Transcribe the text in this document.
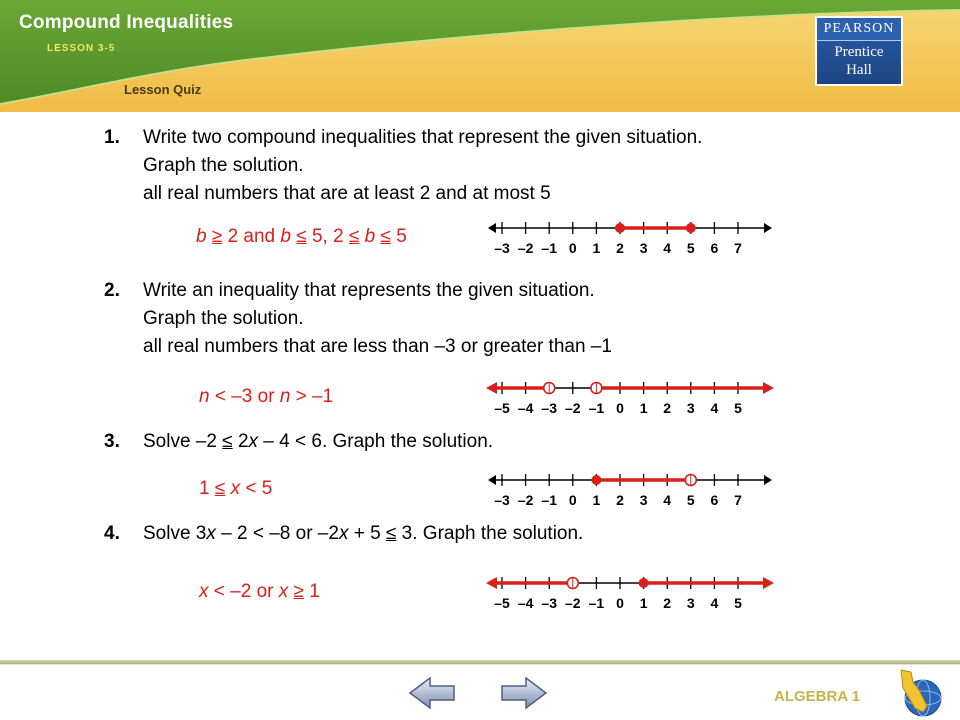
Compound Inequalities
LESSON 3-5
Lesson Quiz
PEARSON
Prentice
Hall
1. Write two compound inequalities that represent the given situation.
Graph the solution.
all real numbers that are at least 2 and at most 5
b ≥ 2 and b ≤ 5, 2 ≤ b ≤ 5
–3 –2 –1 0 1 2 3 4 5 6 7
2. Write an inequality that represents the given situation.
Graph the solution.
all real numbers that are less than –3 or greater than –1
n < –3 or n > –1
–5 –4 –3 –2 –1 0 1 2 3 4 5
3. Solve –2 ≤ 2x – 4 < 6. Graph the solution.
1 ≤ x < 5
–3 –2 –1 0 1 2 3 4 5 6 7
4. Solve 3x – 2 < –8 or –2x + 5 ≤ 3. Graph the solution.
x < –2 or x ≥ 1
–5 –4 –3 –2 –1 0 1 2 3 4 5
ALGEBRA 1
